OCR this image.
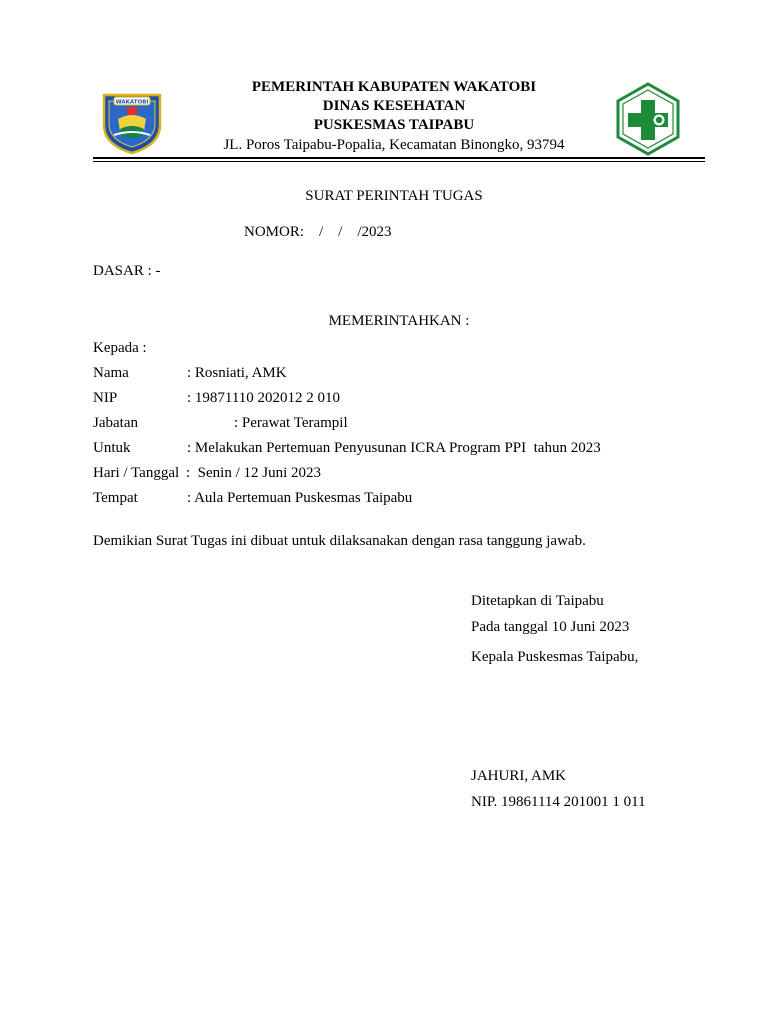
WAKATOBI
PEMERINTAH KABUPATEN WAKATOBI
DINAS KESEHATAN
PUSKESMAS TAIPABU
JL. Poros Taipabu-Popalia, Kecamatan Binongko, 93794
SURAT PERINTAH TUGAS
NOMOR:    /    /    /2023
DASAR : -
MEMERINTAHKAN :
Kepada :
Nama	: Rosniati, AMK
NIP	: 19871110 202012 2 010
Jabatan	: Perawat Terampil
Untuk	: Melakukan Pertemuan Penyusunan ICRA Program PPI  tahun 2023
Hari / Tanggal :  Senin / 12 Juni 2023
Tempat	: Aula Pertemuan Puskesmas Taipabu
Demikian Surat Tugas ini dibuat untuk dilaksanakan dengan rasa tanggung jawab.
Ditetapkan di Taipabu
Pada tanggal 10 Juni 2023
Kepala Puskesmas Taipabu,
JAHURI, AMK
NIP. 19861114 201001 1 011
